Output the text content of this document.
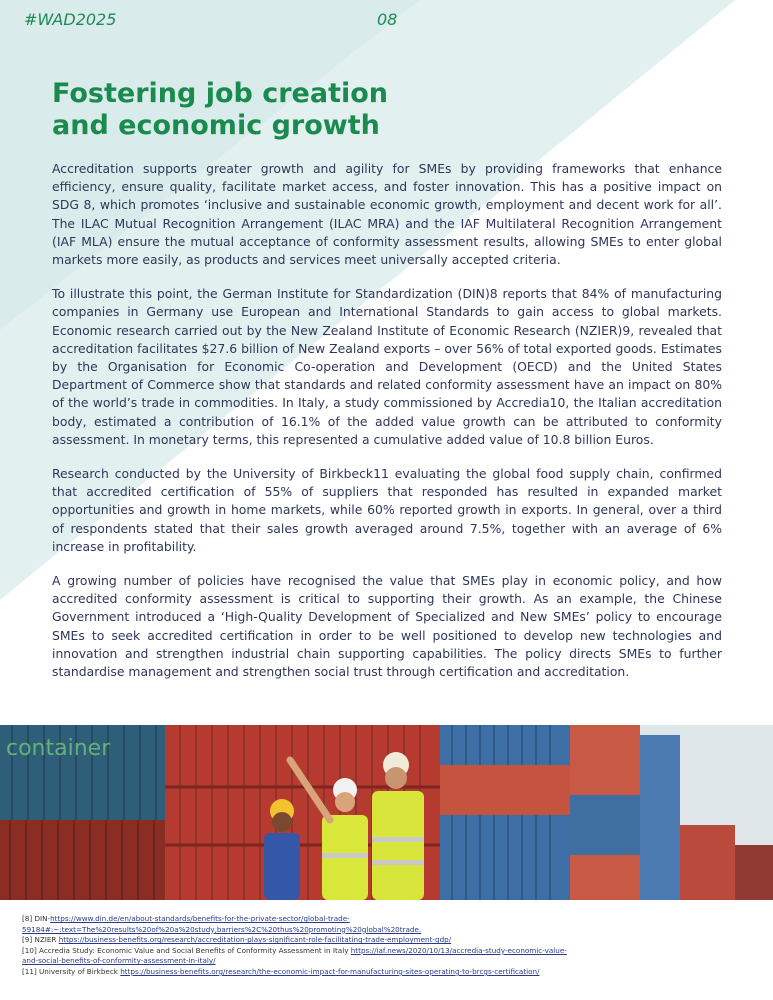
#WAD2025	08
Fostering job creation
and economic growth

Accreditation supports greater growth and agility for SMEs by providing frameworks that enhance efficiency, ensure quality, facilitate market access, and foster innovation. This has a positive impact on SDG 8, which promotes ‘inclusive and sustainable economic growth, employment and decent work for all’. The ILAC Mutual Recognition Arrangement (ILAC MRA) and the IAF Multilateral Recognition Arrangement (IAF MLA) ensure the mutual acceptance of conformity assessment results, allowing SMEs to enter global markets more easily, as products and services meet universally accepted criteria.

To illustrate this point, the German Institute for Standardization (DIN)8 reports that 84% of manufacturing companies in Germany use European and International Standards to gain access to global markets. Economic research carried out by the New Zealand Institute of Economic Research (NZIER)9, revealed that accreditation facilitates $27.6 billion of New Zealand exports – over 56% of total exported goods. Estimates by the Organisation for Economic Co-operation and Development (OECD) and the United States Department of Commerce show that standards and related conformity assessment have an impact on 80% of the world’s trade in commodities. In Italy, a study commissioned by Accredia10, the Italian accreditation body, estimated a contribution of 16.1% of the added value growth can be attributed to conformity assessment. In monetary terms, this represented a cumulative added value of 10.8 billion Euros.

Research conducted by the University of Birkbeck11 evaluating the global food supply chain, confirmed that accredited certification of 55% of suppliers that responded has resulted in expanded market opportunities and growth in home markets, while 60% reported growth in exports. In general, over a third of respondents stated that their sales growth averaged around 7.5%, together with an average of 6% increase in profitability.

A growing number of policies have recognised the value that SMEs play in economic policy, and how accredited conformity assessment is critical to supporting their growth. As an example, the Chinese Government introduced a ‘High-Quality Development of Specialized and New SMEs’ policy to encourage SMEs to seek accredited certification in order to be well positioned to develop new technologies and innovation and strengthen industrial chain supporting capabilities. The policy directs SMEs to further standardise management and strengthen social trust through certification and accreditation.

container

[8] DIN-https://www.din.de/en/about-standards/benefits-for-the-private-sector/global-trade-
59184#:~:text=The%20results%20of%20a%20study,barriers%2C%20thus%20promoting%20global%20trade.

[9] NZIER https://business-benefits.org/research/accreditation-plays-significant-role-facilitating-trade-employment-gdp/

[10] Accredia Study: Economic Value and Social Benefits of Conformity Assessment in Italy https://iaf.news/2020/10/13/accredia-study-economic-value-
and-social-benefits-of-conformity-assessment-in-italy/

[11] University of Birkbeck https://business-benefits.org/research/the-economic-impact-for-manufacturing-sites-operating-to-brcgs-certification/
